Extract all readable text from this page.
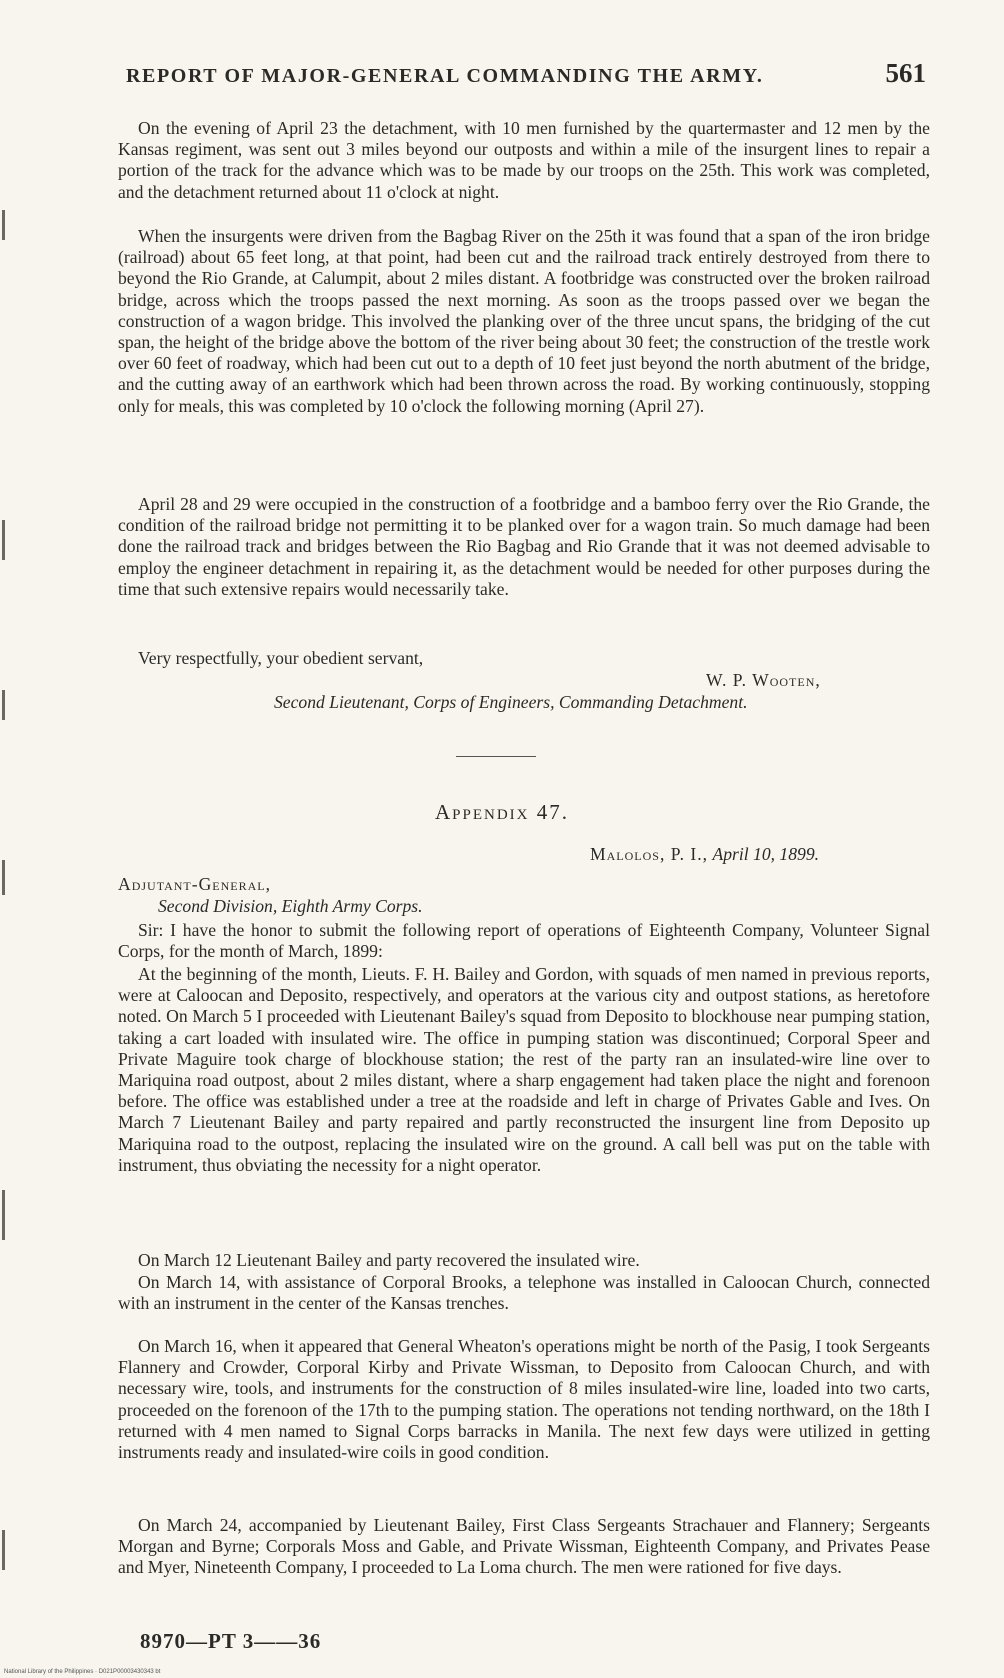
REPORT OF MAJOR-GENERAL COMMANDING THE ARMY.	561

On the evening of April 23 the detachment, with 10 men furnished by the quartermaster and 12 men by the Kansas regiment, was sent out 3 miles beyond our outposts and within a mile of the insurgent lines to repair a portion of the track for the advance which was to be made by our troops on the 25th. This work was completed, and the detachment returned about 11 o'clock at night.

When the insurgents were driven from the Bagbag River on the 25th it was found that a span of the iron bridge (railroad) about 65 feet long, at that point, had been cut and the railroad track entirely destroyed from there to beyond the Rio Grande, at Calumpit, about 2 miles distant. A footbridge was constructed over the broken railroad bridge, across which the troops passed the next morning. As soon as the troops passed over we began the construction of a wagon bridge. This involved the planking over of the three uncut spans, the bridging of the cut span, the height of the bridge above the bottom of the river being about 30 feet; the construction of the trestle work over 60 feet of roadway, which had been cut out to a depth of 10 feet just beyond the north abutment of the bridge, and the cutting away of an earthwork which had been thrown across the road. By working continuously, stopping only for meals, this was completed by 10 o'clock the following morning (April 27).

April 28 and 29 were occupied in the construction of a footbridge and a bamboo ferry over the Rio Grande, the condition of the railroad bridge not permitting it to be planked over for a wagon train. So much damage had been done the railroad track and bridges between the Rio Bagbag and Rio Grande that it was not deemed advisable to employ the engineer detachment in repairing it, as the detachment would be needed for other purposes during the time that such extensive repairs would necessarily take.

Very respectfully, your obedient servant,
W. P. Wooten,
Second Lieutenant, Corps of Engineers, Commanding Detachment.
Appendix 47.
Malolos, P. I., April 10, 1899.
Adjutant-General,
Second Division, Eighth Army Corps.

Sir: I have the honor to submit the following report of operations of Eighteenth Company, Volunteer Signal Corps, for the month of March, 1899:

At the beginning of the month, Lieuts. F. H. Bailey and Gordon, with squads of men named in previous reports, were at Caloocan and Deposito, respectively, and operators at the various city and outpost stations, as heretofore noted. On March 5 I proceeded with Lieutenant Bailey's squad from Deposito to blockhouse near pumping station, taking a cart loaded with insulated wire. The office in pumping station was discontinued; Corporal Speer and Private Maguire took charge of blockhouse station; the rest of the party ran an insulated-wire line over to Mariquina road outpost, about 2 miles distant, where a sharp engagement had taken place the night and forenoon before. The office was established under a tree at the roadside and left in charge of Privates Gable and Ives. On March 7 Lieutenant Bailey and party repaired and partly reconstructed the insurgent line from Deposito up Mariquina road to the outpost, replacing the insulated wire on the ground. A call bell was put on the table with instrument, thus obviating the necessity for a night operator.

On March 12 Lieutenant Bailey and party recovered the insulated wire.

On March 14, with assistance of Corporal Brooks, a telephone was installed in Caloocan Church, connected with an instrument in the center of the Kansas trenches.

On March 16, when it appeared that General Wheaton's operations might be north of the Pasig, I took Sergeants Flannery and Crowder, Corporal Kirby and Private Wissman, to Deposito from Caloocan Church, and with necessary wire, tools, and instruments for the construction of 8 miles insulated-wire line, loaded into two carts, proceeded on the forenoon of the 17th to the pumping station. The operations not tending northward, on the 18th I returned with 4 men named to Signal Corps barracks in Manila. The next few days were utilized in getting instruments ready and insulated-wire coils in good condition.

On March 24, accompanied by Lieutenant Bailey, First Class Sergeants Strachauer and Flannery; Sergeants Morgan and Byrne; Corporals Moss and Gable, and Private Wissman, Eighteenth Company, and Privates Pease and Myer, Nineteenth Company, I proceeded to La Loma church. The men were rationed for five days.

8970—PT 3——36
National Library of the Philippines · D021P00003430343 bt
